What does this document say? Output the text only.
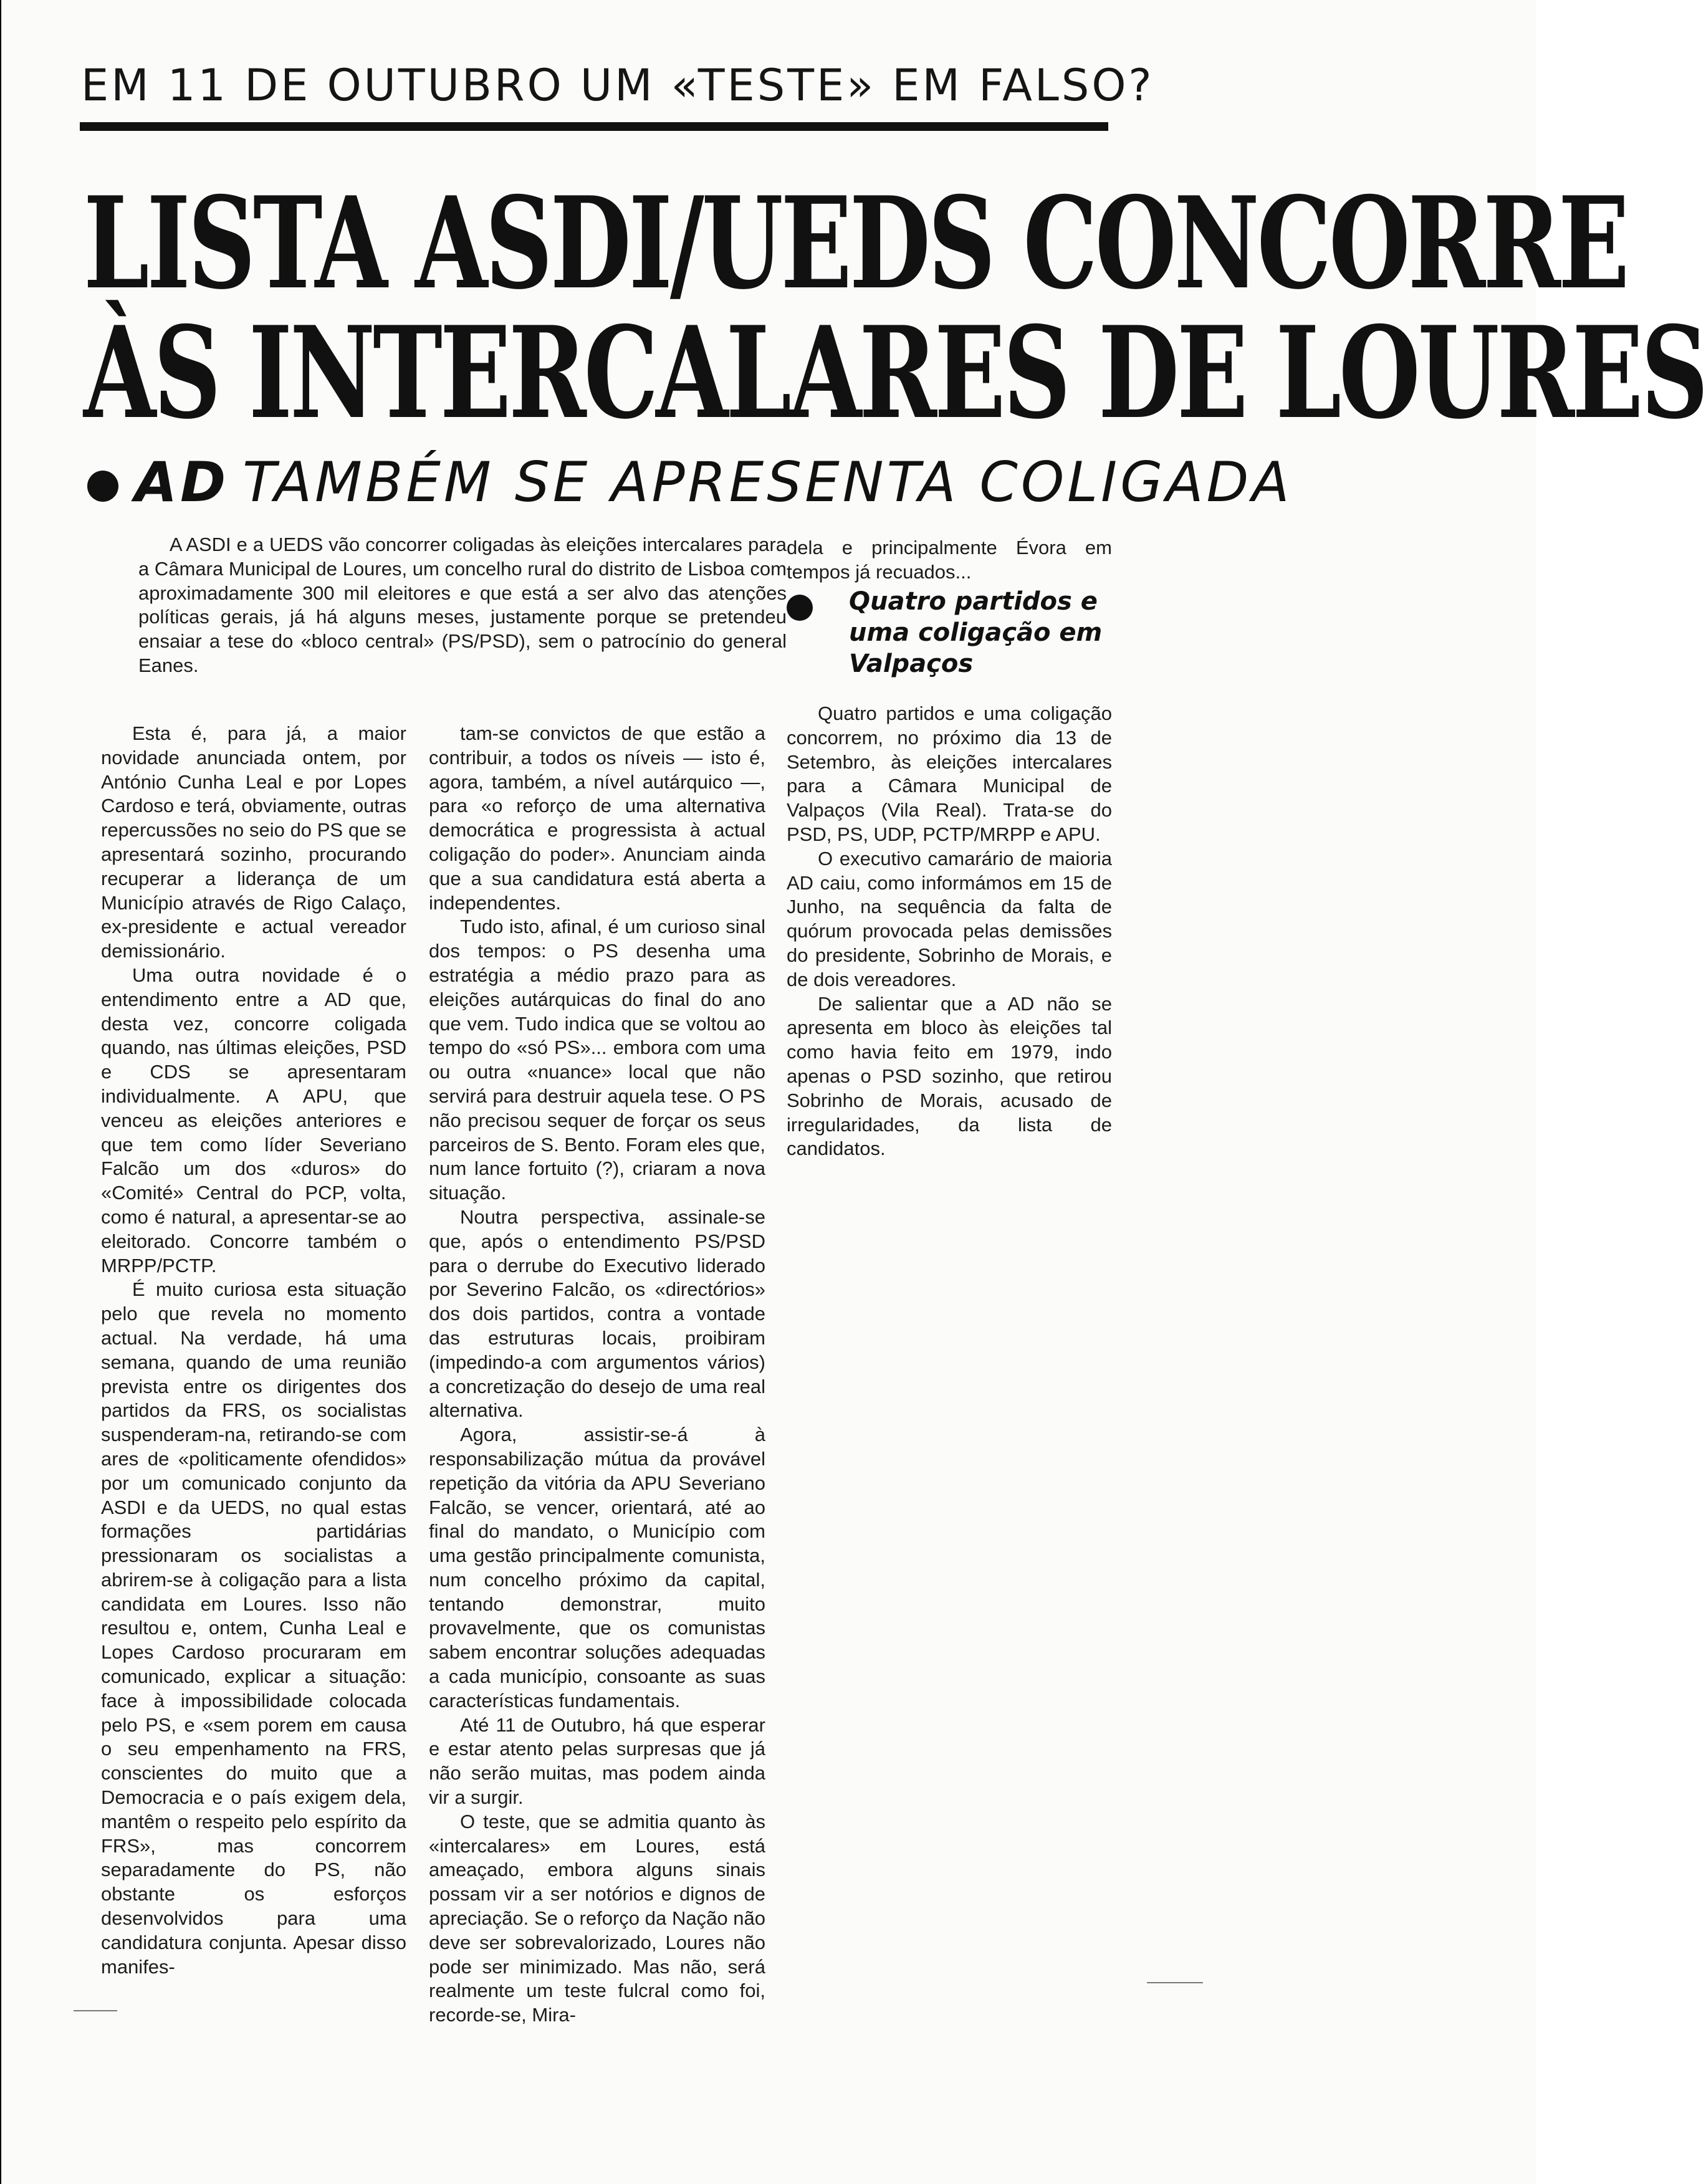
EM 11 DE OUTUBRO UM «TESTE» EM FALSO?
LISTA ASDI/UEDS CONCORRE
ÀS INTERCALARES DE LOURES
AD TAMBÉM SE APRESENTA COLIGADA

A ASDI e a UEDS vão concorrer coligadas às eleições intercalares para a Câmara Municipal de Loures, um concelho rural do distrito de Lisboa com aproximadamente 300 mil eleitores e que está a ser alvo das atenções políticas gerais, já há alguns meses, justamente porque se pretendeu ensaiar a tese do «bloco central» (PS/PSD), sem o patrocínio do general Eanes.

Esta é, para já, a maior novidade anunciada ontem, por António Cunha Leal e por Lopes Cardoso e terá, obviamente, outras repercussões no seio do PS que se apresentará sozinho, procurando recuperar a liderança de um Município através de Rigo Calaço, ex-presidente e actual vereador demissionário.

Uma outra novidade é o entendimento entre a AD que, desta vez, concorre coligada quando, nas últimas eleições, PSD e CDS se apresentaram individualmente. A APU, que venceu as eleições anteriores e que tem como líder Severiano Falcão um dos «duros» do «Comité» Central do PCP, volta, como é natural, a apresentar-se ao eleitorado. Concorre também o MRPP/PCTP.

É muito curiosa esta situação pelo que revela no momento actual. Na verdade, há uma semana, quando de uma reunião prevista entre os dirigentes dos partidos da FRS, os socialistas suspenderam-na, retirando-se com ares de «politicamente ofendidos» por um comunicado conjunto da ASDI e da UEDS, no qual estas formações partidárias pressionaram os socialistas a abrirem-se à coligação para a lista candidata em Loures. Isso não resultou e, ontem, Cunha Leal e Lopes Cardoso procuraram em comunicado, explicar a situação: face à impossibilidade colocada pelo PS, e «sem porem em causa o seu empenhamento na FRS, conscientes do muito que a Democracia e o país exigem dela, mantêm o respeito pelo espírito da FRS», mas concorrem separadamente do PS, não obstante os esforços desenvolvidos para uma candidatura conjunta. Apesar disso manifes-

tam-se convictos de que estão a contribuir, a todos os níveis — isto é, agora, também, a nível autárquico —, para «o reforço de uma alternativa democrática e progressista à actual coligação do poder». Anunciam ainda que a sua candidatura está aberta a independentes.

Tudo isto, afinal, é um curioso sinal dos tempos: o PS desenha uma estratégia a médio prazo para as eleições autárquicas do final do ano que vem. Tudo indica que se voltou ao tempo do «só PS»... embora com uma ou outra «nuance» local que não servirá para destruir aquela tese. O PS não precisou sequer de forçar os seus parceiros de S. Bento. Foram eles que, num lance fortuito (?), criaram a nova situação.

Noutra perspectiva, assinale-se que, após o entendimento PS/PSD para o derrube do Executivo liderado por Severino Falcão, os «directórios» dos dois partidos, contra a vontade das estruturas locais, proibiram (impedindo-a com argumentos vários) a concretização do desejo de uma real alternativa.

Agora, assistir-se-á à responsabilização mútua da provável repetição da vitória da APU Severiano Falcão, se vencer, orientará, até ao final do mandato, o Município com uma gestão principalmente comunista, num concelho próximo da capital, tentando demonstrar, muito provavelmente, que os comunistas sabem encontrar soluções adequadas a cada município, consoante as suas características fundamentais.

Até 11 de Outubro, há que esperar e estar atento pelas surpresas que já não serão muitas, mas podem ainda vir a surgir.

O teste, que se admitia quanto às «intercalares» em Loures, está ameaçado, embora alguns sinais possam vir a ser notórios e dignos de apreciação. Se o reforço da Nação não deve ser sobrevalorizado, Loures não pode ser minimizado. Mas não, será realmente um teste fulcral como foi, recorde-se, Mira-

dela e principalmente Évora em tempos já recuados...

Quatro partidos e uma coligação em Valpaços

Quatro partidos e uma coligação concorrem, no próximo dia 13 de Setembro, às eleições intercalares para a Câmara Municipal de Valpaços (Vila Real). Trata-se do PSD, PS, UDP, PCTP/MRPP e APU.

O executivo camarário de maioria AD caiu, como informámos em 15 de Junho, na sequência da falta de quórum provocada pelas demissões do presidente, Sobrinho de Morais, e de dois vereadores.

De salientar que a AD não se apresenta em bloco às eleições tal como havia feito em 1979, indo apenas o PSD sozinho, que retirou Sobrinho de Morais, acusado de irregularidades, da lista de candidatos.
